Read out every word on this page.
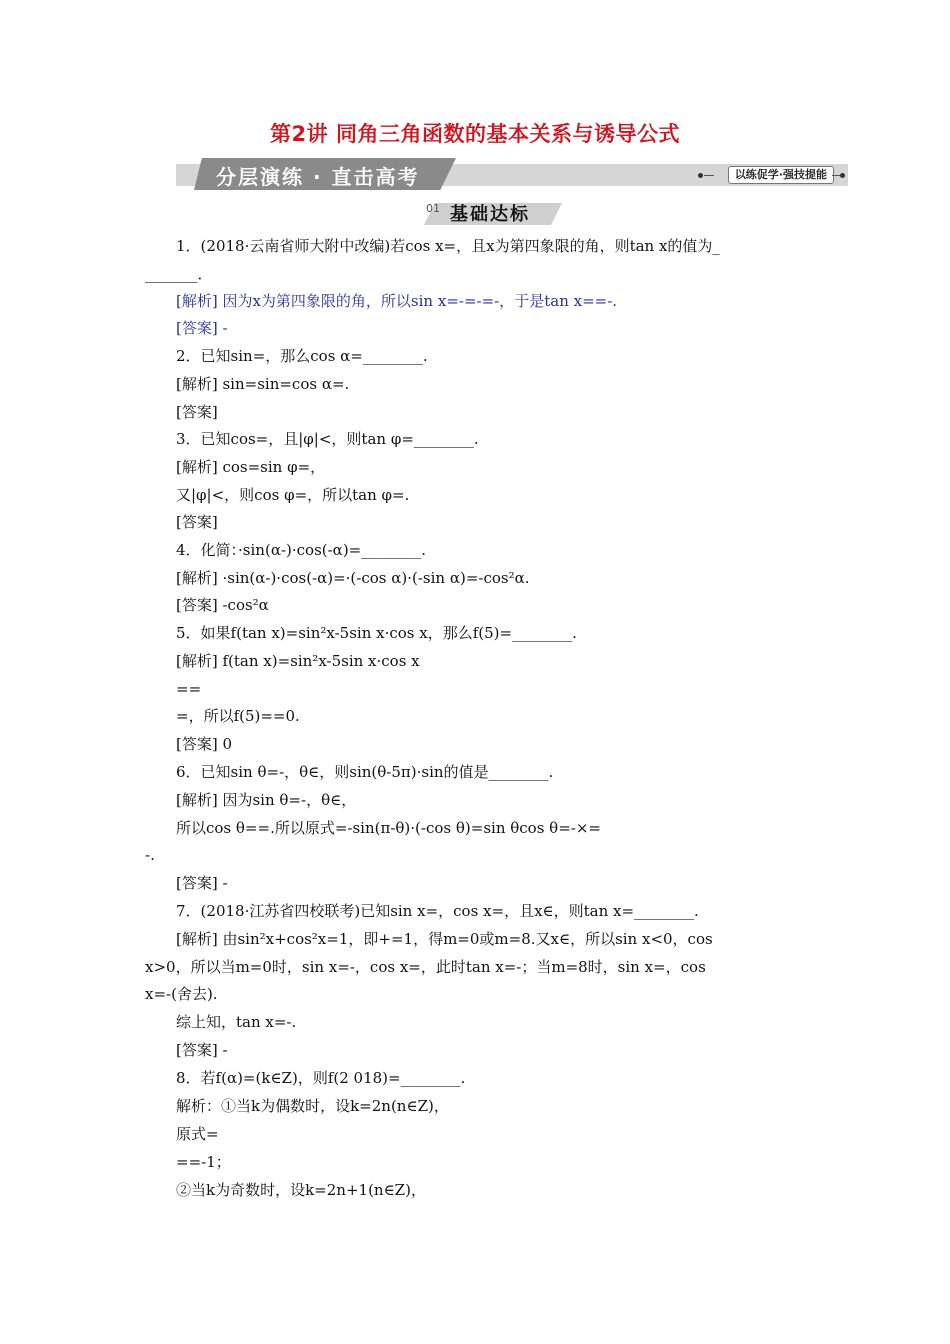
第2讲 同角三角函数的基本关系与诱导公式
分层演练 · 直击高考	以练促学·强技提能
01 基础达标
1．(2018·云南省师大附中改编)若cos x=，且x为第四象限的角，则tan x的值为_
_______．
[解析] 因为x为第四象限的角，所以sin x=-=-=-，于是tan x==-.
[答案] -
2．已知sin=，那么cos α=________.
[解析] sin=sin=cos α=.
[答案]
3．已知cos=，且|φ|<，则tan φ=________.
[解析] cos=sin φ=，
又|φ|<，则cos φ=，所以tan φ=.
[答案]
4．化简：·sin(α-)·cos(-α)=________.
[解析] ·sin(α-)·cos(-α)=·(-cos α)·(-sin α)=-cos²α.
[答案] -cos²α
5．如果f(tan x)=sin²x-5sin x·cos x，那么f(5)=________.
[解析] f(tan x)=sin²x-5sin x·cos x
==
=，所以f(5)==0.
[答案] 0
6．已知sin θ=-，θ∈，则sin(θ-5π)·sin的值是________.
[解析] 因为sin θ=-，θ∈，
所以cos θ==.所以原式=-sin(π-θ)·(-cos θ)=sin θcos θ=-×=
-.
[答案] -
7．(2018·江苏省四校联考)已知sin x=，cos x=，且x∈，则tan x=________.
[解析] 由sin²x+cos²x=1，即+=1，得m=0或m=8.又x∈，所以sin x<0，cos
x>0，所以当m=0时，sin x=-，cos x=，此时tan x=-；当m=8时，sin x=，cos
x=-(舍去).
综上知，tan x=-.
[答案] -
8．若f(α)=(k∈Z)，则f(2 018)=________.
解析：①当k为偶数时，设k=2n(n∈Z)，
原式=
==-1；
②当k为奇数时，设k=2n+1(n∈Z)，
